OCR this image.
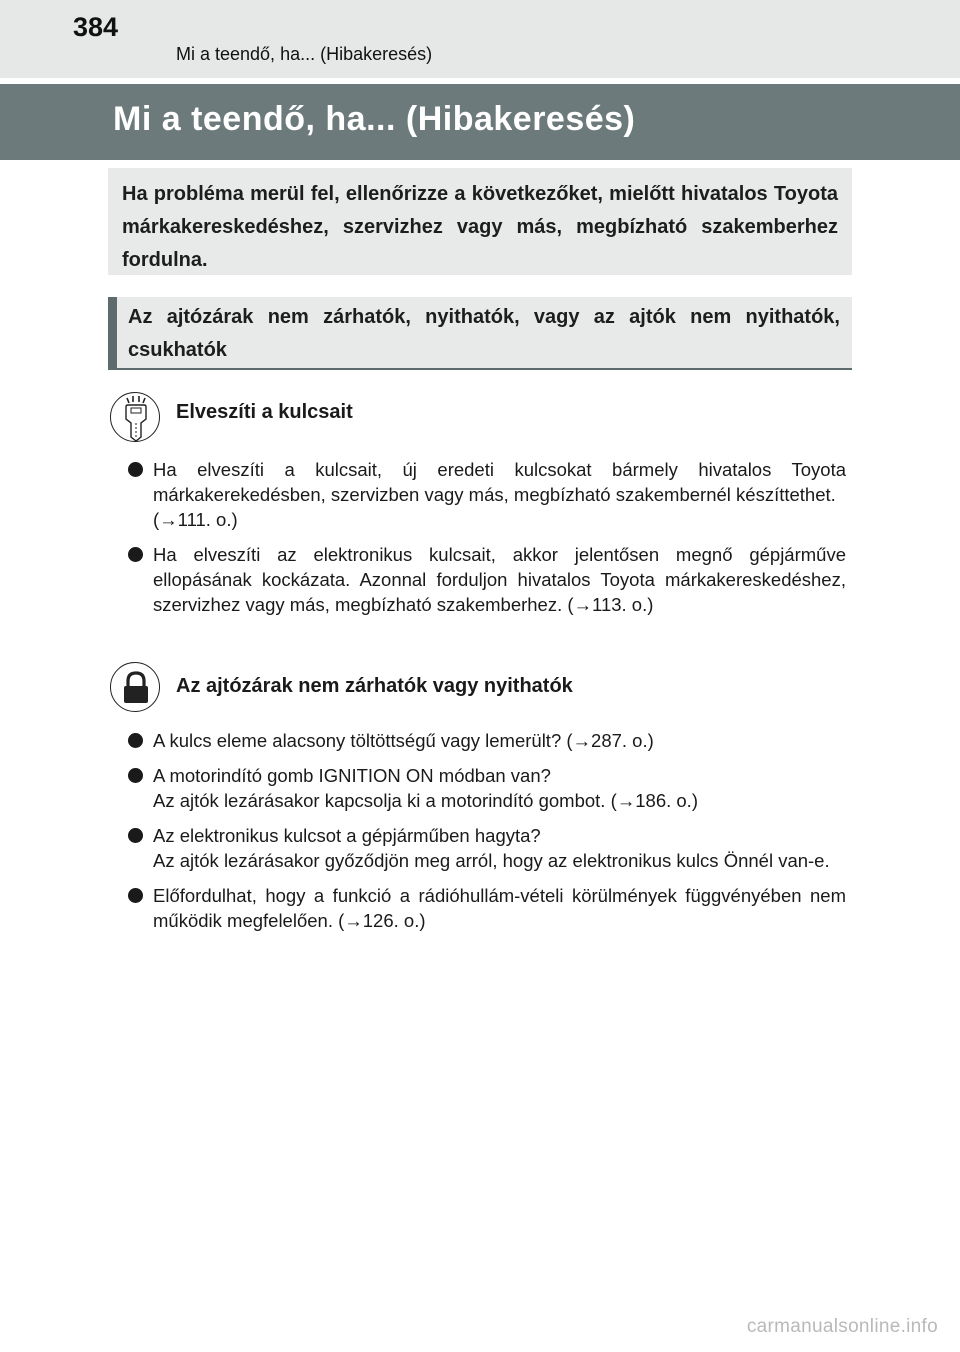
384
Mi a teendő, ha... (Hibakeresés)
Mi a teendő, ha... (Hibakeresés)
Ha probléma merül fel, ellenőrizze a következőket, mielőtt hivatalos Toyota márkakereskedéshez, szervizhez vagy más, megbízható szakemberhez fordulna.
Az ajtózárak nem zárhatók, nyithatók, vagy az ajtók nem nyithatók, csukhatók
Elveszíti a kulcsait
Ha elveszíti a kulcsait, új eredeti kulcsokat bármely hivatalos Toyota márkakerekedésben, szervizben vagy más, megbízható szakembernél készíttethet.
(→111. o.)
Ha elveszíti az elektronikus kulcsait, akkor jelentősen megnő gépjárműve ellopásának kockázata. Azonnal forduljon hivatalos Toyota márkakereskedéshez, szervizhez vagy más, megbízható szakemberhez. (→113. o.)
Az ajtózárak nem zárhatók vagy nyithatók
A kulcs eleme alacsony töltöttségű vagy lemerült? (→287. o.)
A motorindító gomb IGNITION ON módban van?
Az ajtók lezárásakor kapcsolja ki a motorindító gombot. (→186. o.)
Az elektronikus kulcsot a gépjárműben hagyta?
Az ajtók lezárásakor győződjön meg arról, hogy az elektronikus kulcs Önnél van-e.
Előfordulhat, hogy a funkció a rádióhullám-vételi körülmények függvényében nem működik megfelelően. (→126. o.)
carmanualsonline.info
